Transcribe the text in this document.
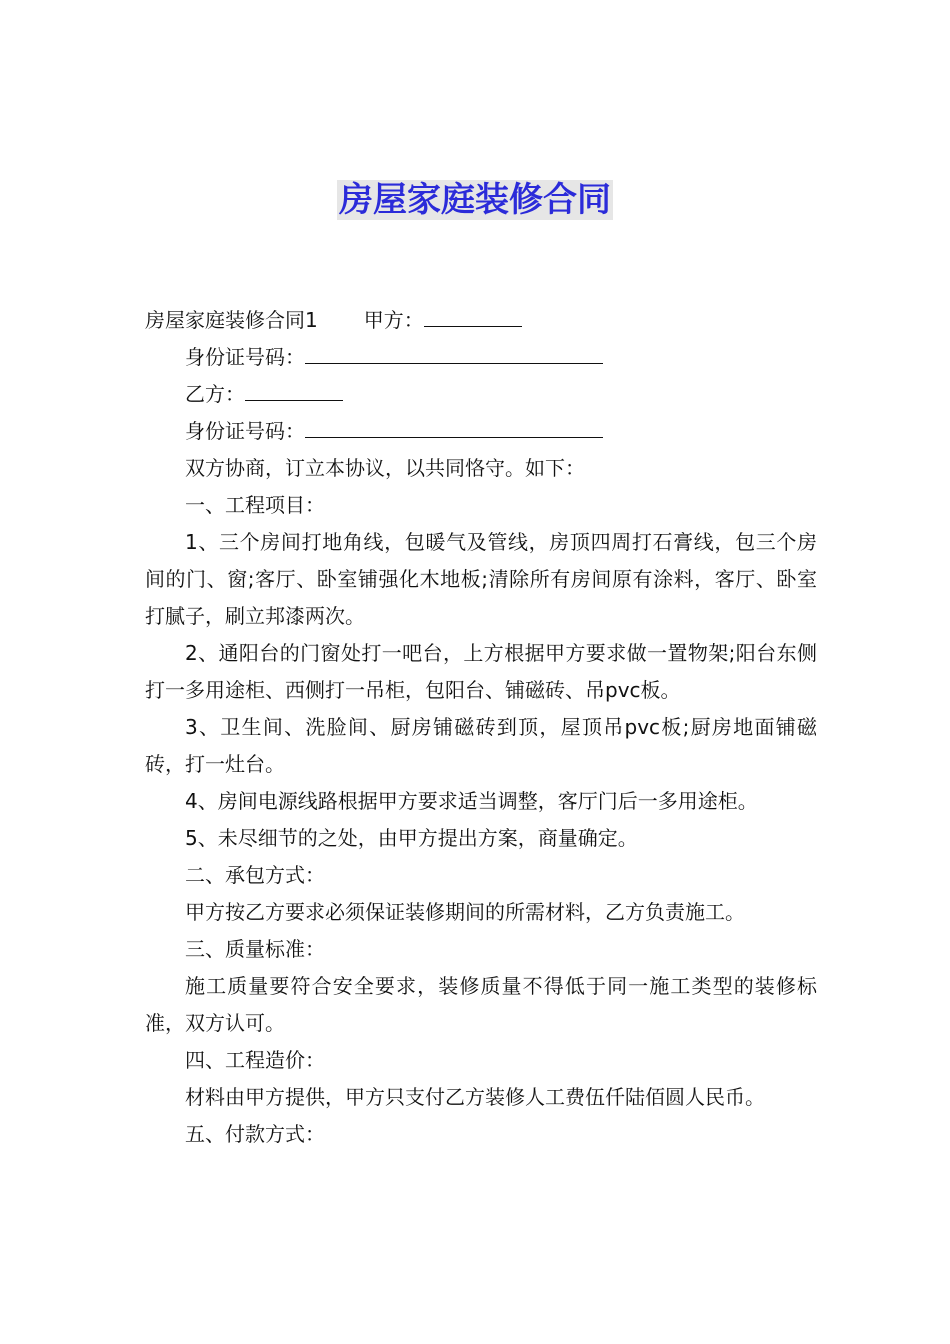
房屋家庭装修合同

房屋家庭装修合同1 甲方：

身份证号码：

乙方：

身份证号码：

双方协商，订立本协议，以共同恪守。如下：

一、工程项目：

1、三个房间打地角线，包暖气及管线，房顶四周打石膏线，包三个房间的门、窗;客厅、卧室铺强化木地板;清除所有房间原有涂料，客厅、卧室打腻子，刷立邦漆两次。

2、通阳台的门窗处打一吧台，上方根据甲方要求做一置物架;阳台东侧打一多用途柜、西侧打一吊柜，包阳台、铺磁砖、吊pvc板。

3、卫生间、洗脸间、厨房铺磁砖到顶，屋顶吊pvc板;厨房地面铺磁砖，打一灶台。

4、房间电源线路根据甲方要求适当调整，客厅门后一多用途柜。

5、未尽细节的之处，由甲方提出方案，商量确定。

二、承包方式：

甲方按乙方要求必须保证装修期间的所需材料，乙方负责施工。

三、质量标准：

施工质量要符合安全要求，装修质量不得低于同一施工类型的装修标准，双方认可。

四、工程造价：

材料由甲方提供，甲方只支付乙方装修人工费伍仟陆佰圆人民币。

五、付款方式：
